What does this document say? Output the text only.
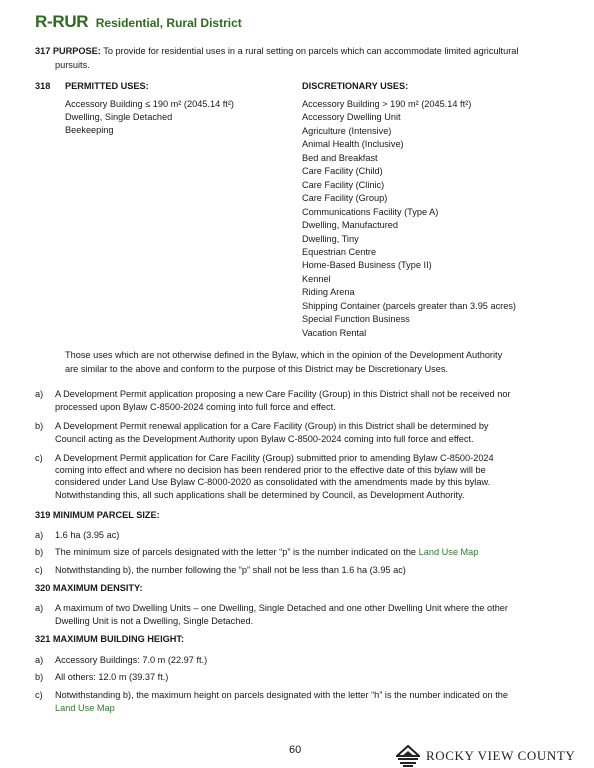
R-RUR Residential, Rural District
317 PURPOSE: To provide for residential uses in a rural setting on parcels which can accommodate limited agricultural
pursuits.
318 PERMITTED USES:	DISCRETIONARY USES:
Accessory Building ≤ 190 m² (2045.14 ft²)
Dwelling, Single Detached
Beekeeping
Accessory Building > 190 m² (2045.14 ft²)
Accessory Dwelling Unit
Agriculture (Intensive)
Animal Health (Inclusive)
Bed and Breakfast
Care Facility (Child)
Care Facility (Clinic)
Care Facility (Group)
Communications Facility (Type A)
Dwelling, Manufactured
Dwelling, Tiny
Equestrian Centre
Home-Based Business (Type II)
Kennel
Riding Arena
Shipping Container (parcels greater than 3.95 acres)
Special Function Business
Vacation Rental
Those uses which are not otherwise defined in the Bylaw, which in the opinion of the Development Authority
are similar to the above and conform to the purpose of this District may be Discretionary Uses.
a) A Development Permit application proposing a new Care Facility (Group) in this District shall not be received nor
processed upon Bylaw C-8500-2024 coming into full force and effect.
b) A Development Permit renewal application for a Care Facility (Group) in this District shall be determined by
Council acting as the Development Authority upon Bylaw C-8500-2024 coming into full force and effect.
c) A Development Permit application for Care Facility (Group) submitted prior to amending Bylaw C-8500-2024
coming into effect and where no decision has been rendered prior to the effective date of this bylaw will be
considered under Land Use Bylaw C-8000-2020 as consolidated with the amendments made by this bylaw.
Notwithstanding this, all such applications shall be determined by Council, as Development Authority.
319 MINIMUM PARCEL SIZE:
a) 1.6 ha (3.95 ac)
b) The minimum size of parcels designated with the letter “p” is the number indicated on the Land Use Map
c) Notwithstanding b), the number following the “p” shall not be less than 1.6 ha (3.95 ac)
320 MAXIMUM DENSITY:
a) A maximum of two Dwelling Units – one Dwelling, Single Detached and one other Dwelling Unit where the other
Dwelling Unit is not a Dwelling, Single Detached.
321 MAXIMUM BUILDING HEIGHT:
a) Accessory Buildings: 7.0 m (22.97 ft.)
b) All others: 12.0 m (39.37 ft.)
c) Notwithstanding b), the maximum height on parcels designated with the letter “h” is the number indicated on the
Land Use Map
60	ROCKY VIEW COUNTY
